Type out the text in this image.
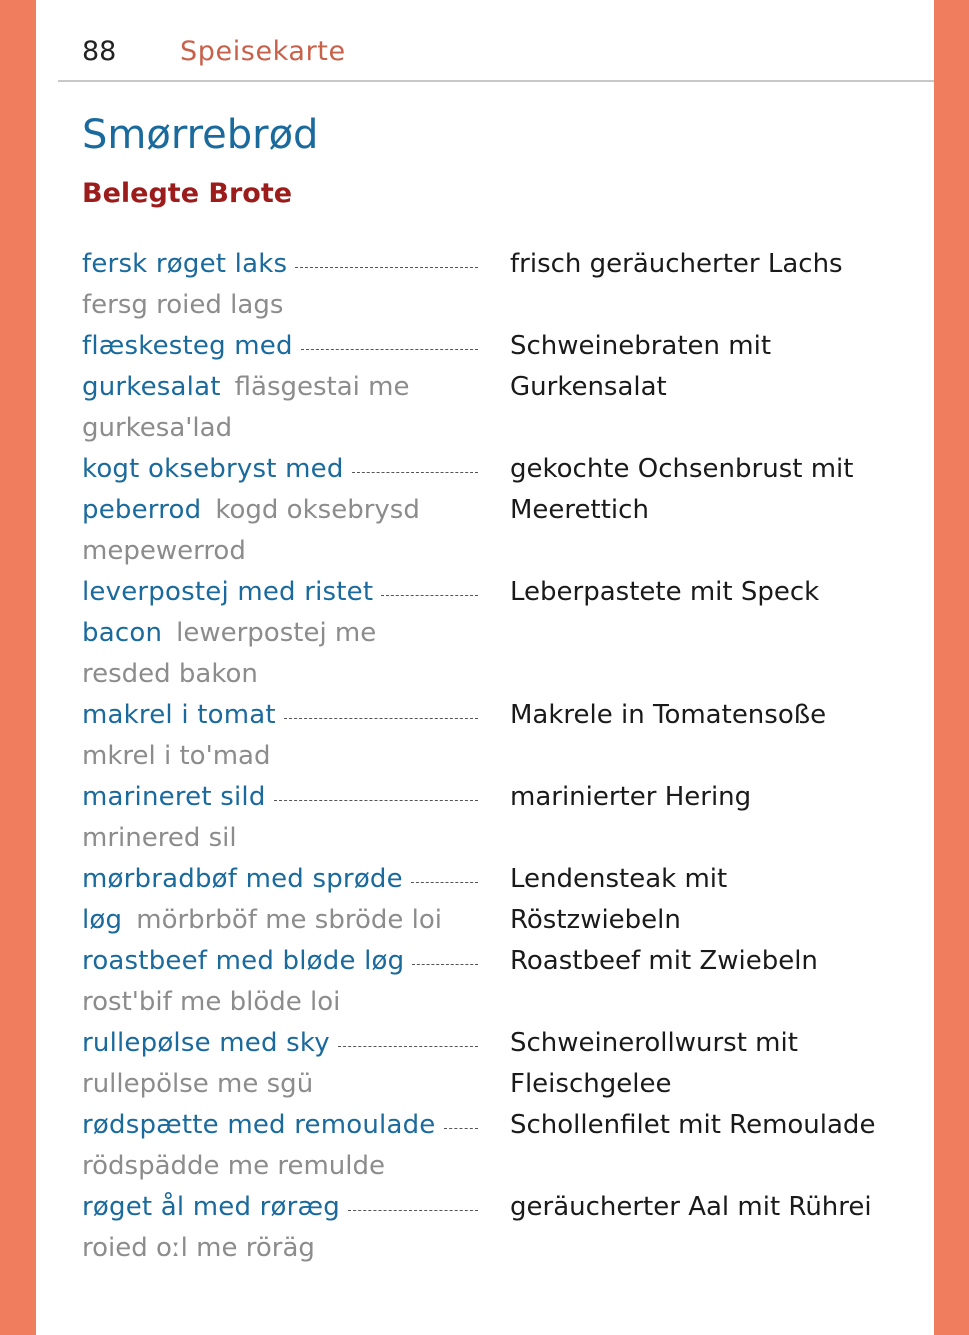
88 Speisekarte
Smørrebrød
Belegte Brote
fersk røget laks
fersg roied lags
frisch geräucherter Lachs
flæskesteg med
gurkesalat fläsgestai me
gurkesa'lad
Schweinebraten mit
Gurkensalat
kogt oksebryst med
peberrod kogd oksebrysd
mepewerrod
gekochte Ochsenbrust mit
Meerettich
leverpostej med ristet
bacon lewerpostej me
resded bakon
Leberpastete mit Speck
makrel i tomat
mkrel i to'mad
Makrele in Tomatensoße
marineret sild
mrinered sil
marinierter Hering
mørbradbøf med sprøde
løg mörbrböf me sbröde loi
Lendensteak mit
Röstzwiebeln
roastbeef med bløde løg
rost'bif me blöde loi
Roastbeef mit Zwiebeln
rullepølse med sky
rullepölse me sgü
Schweinerollwurst mit
Fleischgelee
rødspætte med remoulade
rödspädde me remulde
Schollenfilet mit Remoulade
røget ål med røræg
roied oːl me röräg
geräucherter Aal mit Rührei
